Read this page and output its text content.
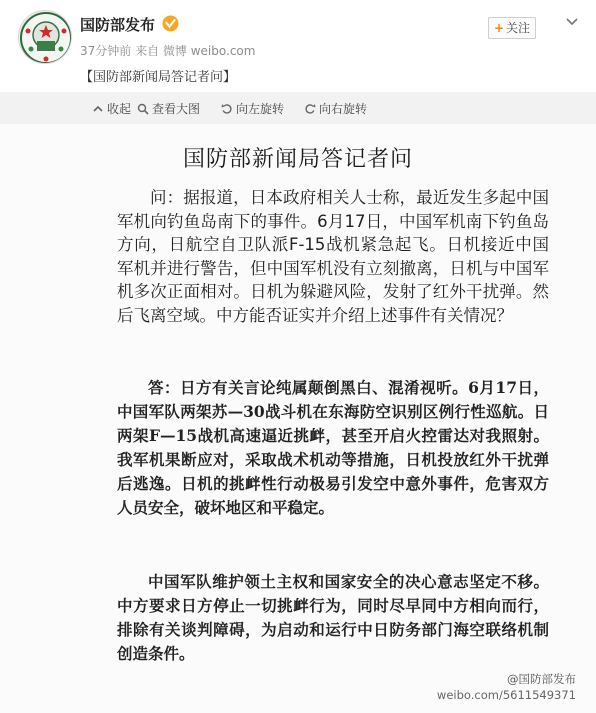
国防部发布
37分钟前 来自 微博 weibo.com
【国防部新闻局答记者问】
+ 关注
收起 查看大图	向左旋转	向右旋转
国防部新闻局答记者问
问：据报道，日本政府相关人士称，最近发生多起中国军机向钓鱼岛南下的事件。6月17日，中国军机南下钓鱼岛方向，日航空自卫队派F-15战机紧急起飞。日机接近中国军机并进行警告，但中国军机没有立刻撤离，日机与中国军机多次正面相对。日机为躲避风险，发射了红外干扰弹。然后飞离空域。中方能否证实并介绍上述事件有关情况？
答：日方有关言论纯属颠倒黑白、混淆视听。6月17日，中国军队两架苏—30战斗机在东海防空识别区例行性巡航。日两架F—15战机高速逼近挑衅，甚至开启火控雷达对我照射。我军机果断应对，采取战术机动等措施，日机投放红外干扰弹后逃逸。日机的挑衅性行动极易引发空中意外事件，危害双方人员安全，破坏地区和平稳定。
中国军队维护领土主权和国家安全的决心意志坚定不移。中方要求日方停止一切挑衅行为，同时尽早同中方相向而行，排除有关谈判障碍，为启动和运行中日防务部门海空联络机制创造条件。
@国防部发布
weibo.com/5611549371
